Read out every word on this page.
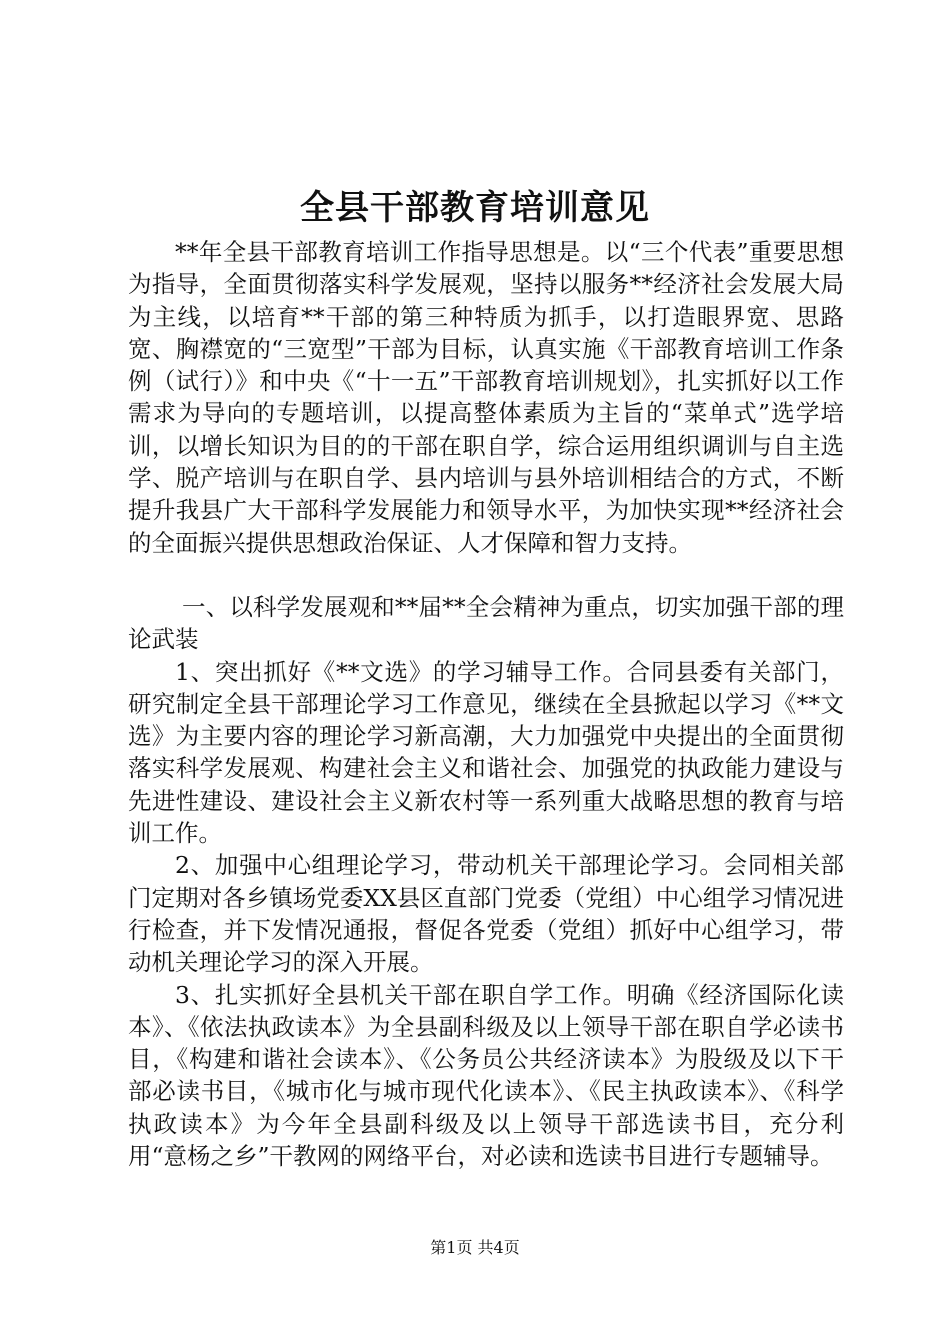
全县干部教育培训意见

**年全县干部教育培训工作指导思想是。以“三个代表”重要思想为指导，全面贯彻落实科学发展观，坚持以服务**经济社会发展大局为主线，以培育**干部的第三种特质为抓手，以打造眼界宽、思路宽、胸襟宽的“三宽型”干部为目标，认真实施《干部教育培训工作条例（试行）》和中央《“十一五”干部教育培训规划》，扎实抓好以工作需求为导向的专题培训，以提高整体素质为主旨的“菜单式”选学培训，以增长知识为目的的干部在职自学，综合运用组织调训与自主选学、脱产培训与在职自学、县内培训与县外培训相结合的方式，不断提升我县广大干部科学发展能力和领导水平，为加快实现**经济社会的全面振兴提供思想政治保证、人才保障和智力支持。

一、以科学发展观和**届**全会精神为重点，切实加强干部的理论武装

1、突出抓好《**文选》的学习辅导工作。合同县委有关部门，研究制定全县干部理论学习工作意见，继续在全县掀起以学习《**文选》为主要内容的理论学习新高潮，大力加强党中央提出的全面贯彻落实科学发展观、构建社会主义和谐社会、加强党的执政能力建设与先进性建设、建设社会主义新农村等一系列重大战略思想的教育与培训工作。

2、加强中心组理论学习，带动机关干部理论学习。会同相关部门定期对各乡镇场党委XX县区直部门党委（党组）中心组学习情况进行检查，并下发情况通报，督促各党委（党组）抓好中心组学习，带动机关理论学习的深入开展。

3、扎实抓好全县机关干部在职自学工作。明确《经济国际化读本》、《依法执政读本》为全县副科级及以上领导干部在职自学必读书目，《构建和谐社会读本》、《公务员公共经济读本》为股级及以下干部必读书目，《城市化与城市现代化读本》、《民主执政读本》、《科学执政读本》为今年全县副科级及以上领导干部选读书目，充分利用“意杨之乡”干教网的网络平台，对必读和选读书目进行专题辅导。

第1页 共4页
